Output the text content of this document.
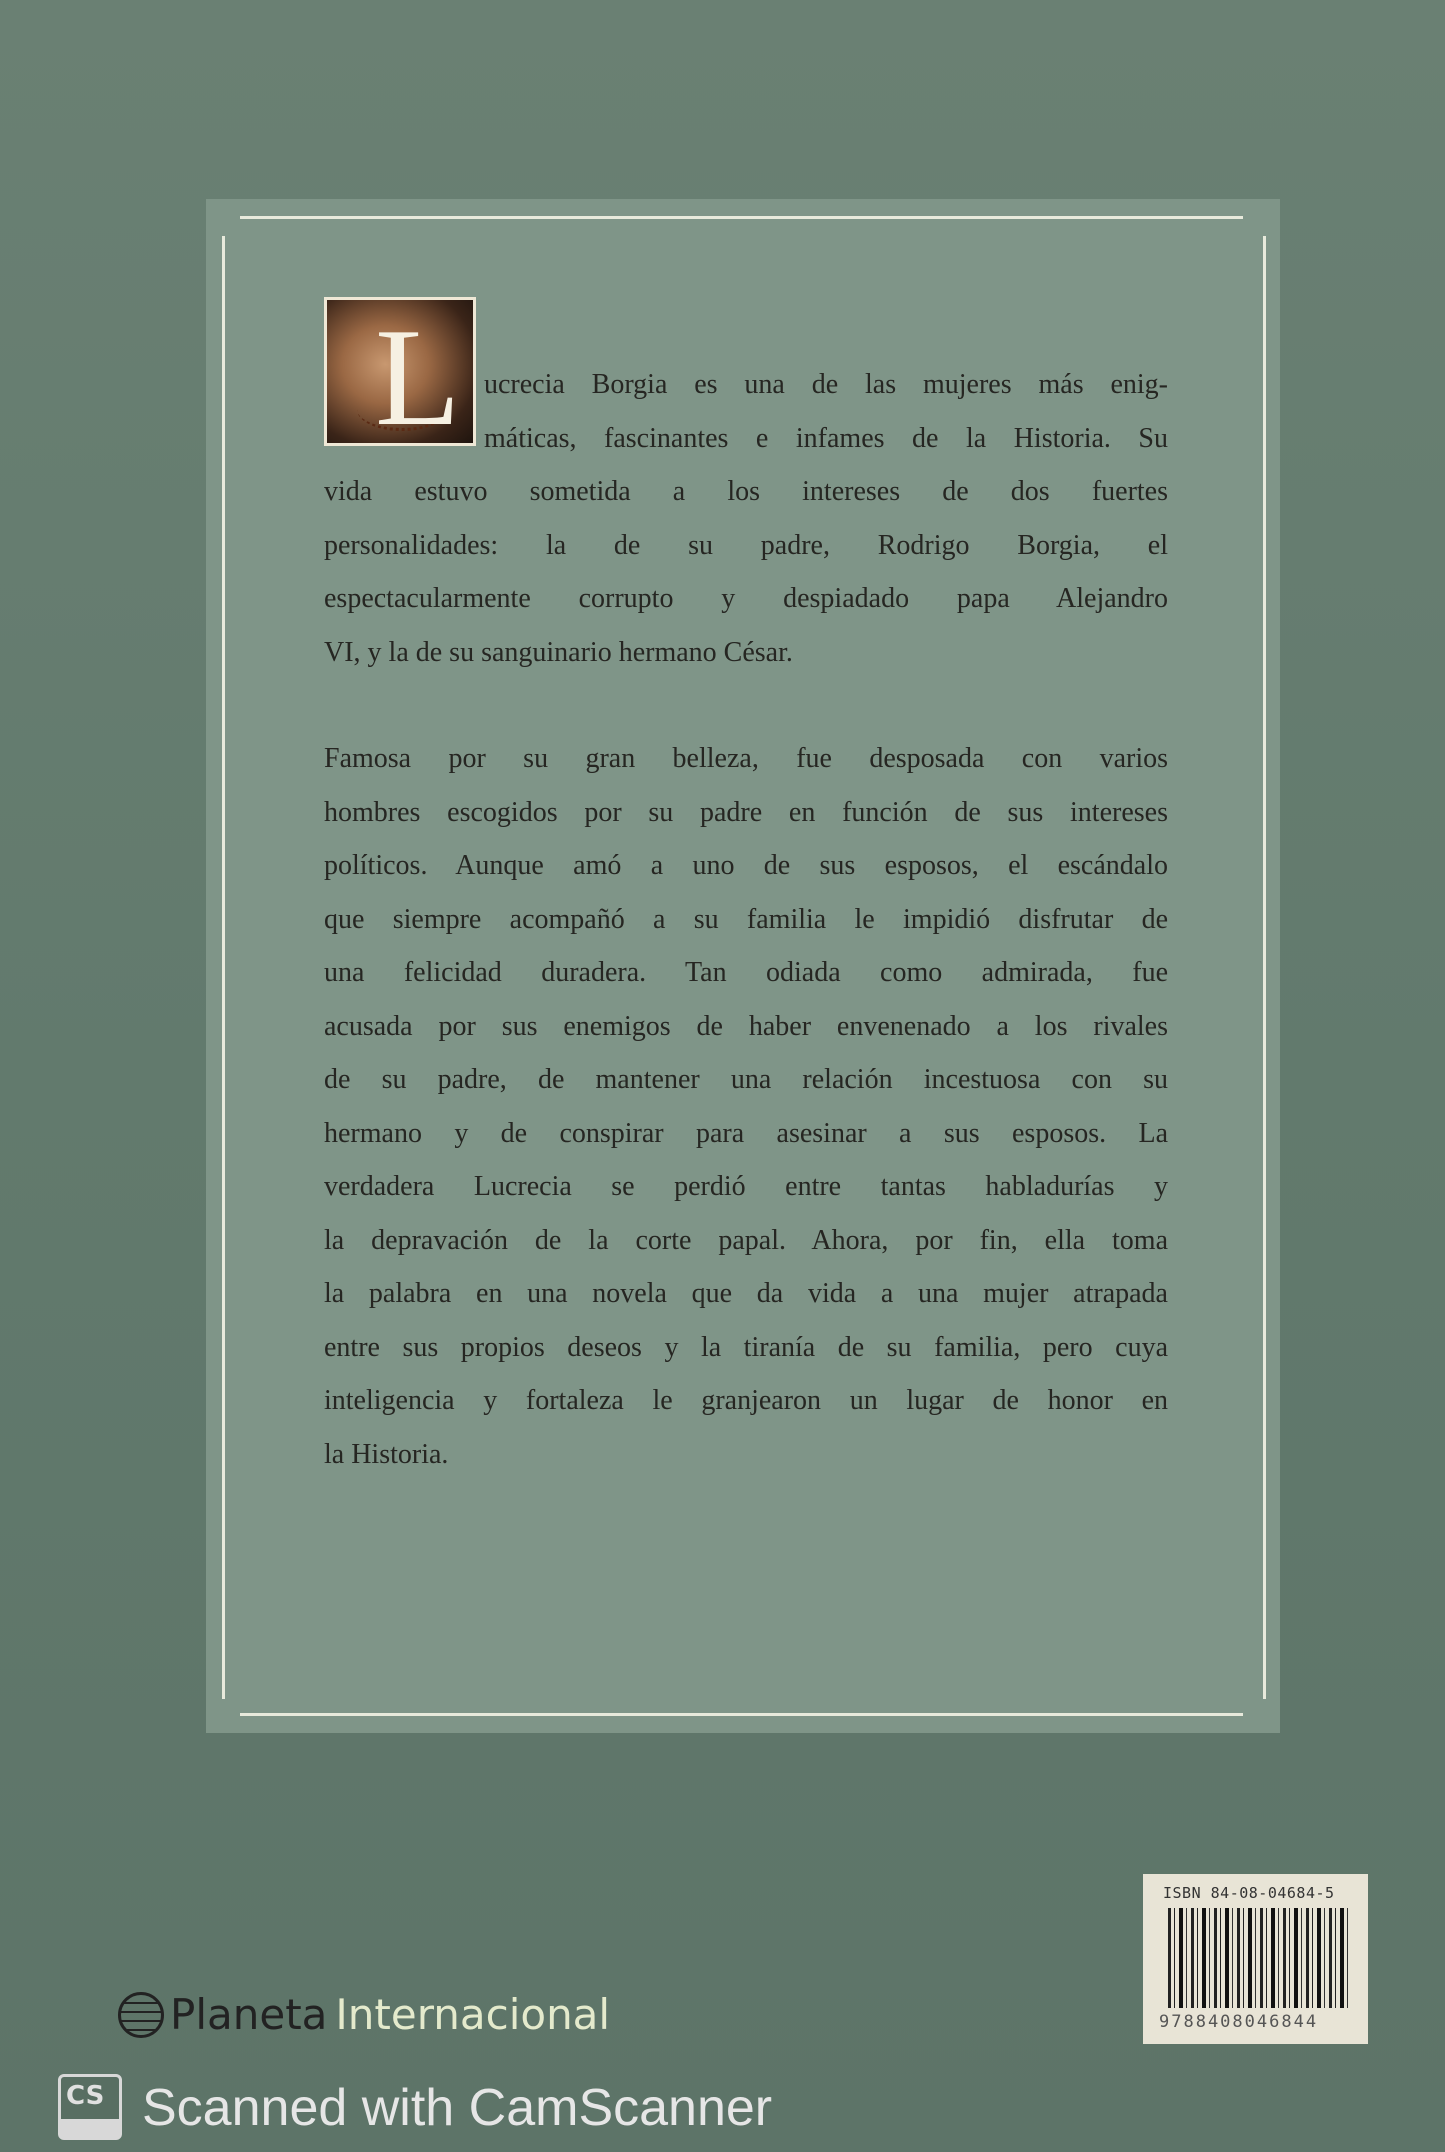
L ucrecia Borgia es una de las mujeres más enig-
máticas, fascinantes e infames de la Historia. Su
vida estuvo sometida a los intereses de dos fuertes
personalidades: la de su padre, Rodrigo Borgia, el
espectacularmente corrupto y despiadado papa Alejandro
VI, y la de su sanguinario hermano César.
Famosa por su gran belleza, fue desposada con varios
hombres escogidos por su padre en función de sus intereses
políticos. Aunque amó a uno de sus esposos, el escándalo
que siempre acompañó a su familia le impidió disfrutar de
una felicidad duradera. Tan odiada como admirada, fue
acusada por sus enemigos de haber envenenado a los rivales
de su padre, de mantener una relación incestuosa con su
hermano y de conspirar para asesinar a sus esposos. La
verdadera Lucrecia se perdió entre tantas habladurías y
la depravación de la corte papal. Ahora, por fin, ella toma
la palabra en una novela que da vida a una mujer atrapada
entre sus propios deseos y la tiranía de su familia, pero cuya
inteligencia y fortaleza le granjearon un lugar de honor en
la Historia.
ISBN 84-08-04684-5
9788408046844
Planeta Internacional
CS Scanned with CamScanner
